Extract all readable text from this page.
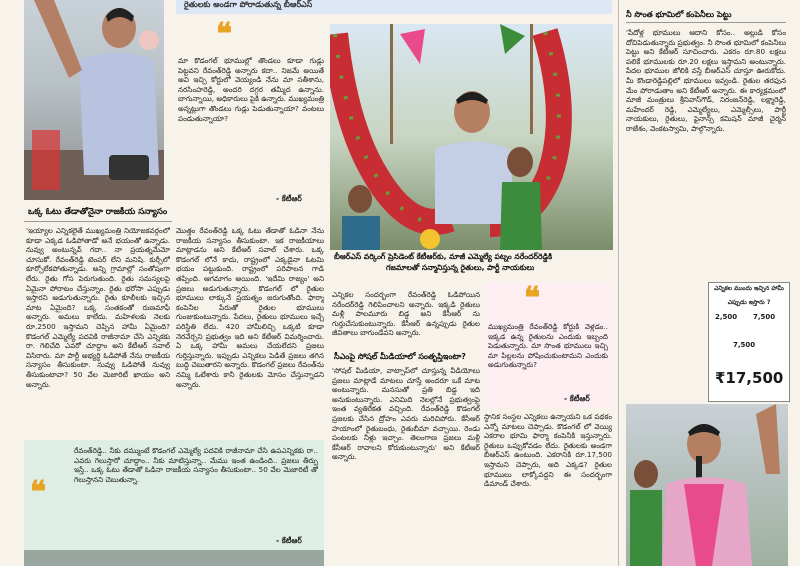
రైతులకు అండగా పోరాడుతున్న బీఆర్‌ఎస్
ఒక్క ఓటు తేడాతోనైనా రాజకీయ సన్యాసం
'ఇయ్యాల ఎన్నికలైతే ముఖ్యమంత్రి నియోజకవర్గంలో కూడా ఎక్కడ ఓడిపోతాడో అనే భయంతో ఉన్నాడు. నువ్వు అంటున్నవ్ గదా.. నా ప్రయత్నమేమో చూసుకో. రేవంత్‌రెడ్డి టెంపర్ లేని మనిషి. కుర్చీలో కూర్చోలేకపోతున్నాడు. అన్ని గ్రామాల్లో సంతోషంగా లేరు. రైతు గోస పెరుగుతుంది. రైతు సమస్యలపై ఏమైనా పోరాటం చేస్తున్నాం. రైతు భరోసా ఎప్పుడు ఇస్తారని అడుగుతున్నారు. రైతు కూలీలకు ఇచ్చిన మాట ఏమైంది? ఒక్క సంతకంతో రుణమాఫీ అన్నారు. అమలు కాలేదు. మహిళలకు నెలకు రూ.2500 ఇస్తామని చెప్పిన హామీ ఏమైంది? కొడంగల్ ఎమ్మెల్యే పదవికి రాజీనామా చేసి ఎన్నికకు రా. గెలిచేది ఎవరో చూద్దాం అని కేటీఆర్ సవాల్ విసిరారు. మా పార్టీ అభ్యర్థి ఓడిపోతే నేను రాజకీయ సన్యాసం తీసుకుంటా. నువ్వు ఓడిపోతే నువ్వు తీసుకుంటావా? 50 వేల మెజారిటీ ఖాయం అని అన్నారు.
❝
మా కొడంగల్ భూముల్లో తొండలు కూడా గుడ్లు పెట్టవని రేవంత్‌రెడ్డి అన్నారు కదా.. నిజమే అయితే అవి ఇచ్చి కోర్టులో వెయ్యండి నేను మా సతీశాను, నరసింహరెడ్డి, అందరి దగ్గర తమ్మీద ఉన్నాను. బాగున్నాయి, అధికారులు పైకి ఉన్నారు. ముఖ్యమంత్రి అన్నట్లుగా తొండలు గుడ్లు పెడుతున్నాయా? వంటలు పండుతున్నాయా?
- కేటీఆర్
మొత్తం రేవంత్‌రెడ్డి ఒక్క ఓటు తేడాతో ఓడినా నేను రాజకీయ సన్యాసం తీసుకుంటా. ఇక రాజకీయాలు మాట్లాడను అని కేటీఆర్ సవాల్ చేశారు. ఒక్క కొడంగల్ లోనే కాదు, రాష్ట్రంలో ఎక్కడైనా ఓటమి భయం పట్టుకుంది. రాష్ట్రంలో పరిపాలన గాడి తప్పింది. ఆగమాగం అయింది. 'ఇదేమి రాజ్యం' అని ప్రజలు అడుగుతున్నారు. కొడంగల్ లో రైతుల భూములు లాక్కునే ప్రయత్నం జరుగుతోంది. ఫార్మా కంపెనీల పేరుతో రైతుల భూములు గుంజుకుంటున్నారు. పేదలు, రైతులు భూములు ఇచ్చే పరిస్థితి లేదు. 420 హామీలిచ్చి ఒక్కటి కూడా నెరవేర్చని ప్రభుత్వం ఇది అని కేటీఆర్ విమర్శించారు. ఏ ఒక్క హామీ అమలు చేయలేదని ప్రజలు గుర్తిస్తున్నారు. ఇప్పుడు ఎన్నికలు పెడితే ప్రజలు తగిన బుద్ధి చెబుతారని అన్నారు. కొడంగల్ ప్రజలు రేవంత్‌ను నమ్మి ఓటేశారు కానీ రైతులకు మోసం చేస్తున్నాడని అన్నారు.
బీఆర్‌ఎస్ వర్కింగ్ ప్రెసిడెంట్ కేటీఆర్‌కు, మాజీ ఎమ్మెల్యే పట్నం నరేందర్‌రెడ్డికి
గజమాలతో సన్మానిస్తున్న రైతులు, పార్టీ నాయకులు
ఎన్నికల సందర్భంగా రేవంత్‌రెడ్డి ఓడిపోయిన నరేందర్‌రెడ్డి గెలిపించాలని అన్నారు. ఇక్కడి రైతులు మళ్లీ పాలమూరు బిడ్డ అని కేసీఆర్ ను గుర్తుచేసుకుంటున్నారు. కేసీఆర్ ఉన్నప్పుడు రైతుల జీవితాలు బాగుండేవని అన్నారు.
సీఎంపై సోషల్ మీడియాలో సంతృప్తిఇంటా?
'సోషల్ మీడియా, వాట్సాప్‌లో చూస్తున్న వీడియోలు ప్రజలు మాట్లాడే మాటలు చూస్తే అందరూ ఒకే మాట అంటున్నారు. మనసుతో ప్రతి బిడ్డ ఇది అనుకుంటున్నారు. ఎనిమిది నెలల్లోనే ప్రభుత్వంపై ఇంత వ్యతిరేకత వచ్చింది. రేవంత్‌రెడ్డి కొడంగల్ ప్రజలకు చేసిన ద్రోహం ఎవరు మరిచిపోరు. కేసీఆర్ హయాంలో రైతుబంధు, రైతుబీమా వచ్చాయి. రెండు పంటలకు నీళ్లు ఇచ్చాం. తెలంగాణ ప్రజలు మళ్లీ కేసీఆర్ రావాలని కోరుకుంటున్నారు' అని కేటీఆర్ అన్నారు.
❝
ముఖ్యమంత్రి రేవంత్‌రెడ్డి కోర్టుకి వెళ్లడం.. ఇక్కడ ఉన్న రైతులను ఎందుకు ఇబ్బంది పెడుతున్నారు. మా సొంత భూములు ఇచ్చి మా పిల్లలను పోషించుకుంటామని ఎందుకు అడుగుతున్నారు?
- కేటీఆర్
స్థానిక సంస్థల ఎన్నికలు ఉన్నాయని ఒక పథకం ఎన్నో మాటలు చెప్పాడు. కొడంగల్ లో వెయ్యి ఎకరాల భూమి ఫార్మా కంపెనీకి ఇస్తున్నారు. రైతులు ఒప్పుకోవడం లేదు. రైతులకు అండగా బీఆర్‌ఎస్ ఉంటుంది. ఎకరానికి రూ.17,500 ఇస్తామని చెప్పారు, అది ఎక్కడ? రైతుల భూములు లాక్కోవద్దని ఈ సందర్భంగా డిమాండ్ చేశారు.
❝
రేవంత్‌రెడ్డి.. నీకు దమ్ముంటే కొడంగల్ ఎమ్మెల్యే పదవికి రాజీనామా చేసి ఉపఎన్నికకు రా.. ఎవరు గెలుస్తారో చూద్దాం.. నీకు మాటిస్తున్నా.. మేము ఇంత ఉండింది.. ప్రజలు తీర్పు ఇస్తే.. ఒక్క ఓటు తేడాతో ఓడినా రాజకీయ సన్యాసం తీసుకుంటా.. 50 వేల మెజారిటీ తో గెలుస్తానని చెబుతున్నా.
- కేటీఆర్
నీ సొంత భూమిలో కంపెనీలు పెట్టు
'పేదోళ్ల భూములు ఆదాని కోసం.. అల్లుడి కోసం దోచిపెడుతున్నారు ప్రభుత్వం. నీ సొంత భూమిలో కంపెనీలు పెట్టు అని కేటీఆర్ సూచించారు. ఎకరం రూ.80 లక్షలు పలికే భూములకు రూ.20 లక్షలు ఇస్తామని అంటున్నారు. పేదల భూముల జోలికి వస్తే బీఆర్‌ఎస్ చూస్తూ ఊరుకోదు. మీ కొండారెడ్డిపల్లిలో భూములు ఇవ్వండి. రైతుల తరఫున మేం పోరాడుతాం అని కేటీఆర్ అన్నారు. ఈ కార్యక్రమంలో మాజీ మంత్రులు శ్రీనివాస్‌గౌడ్, నిరంజన్‌రెడ్డి, లక్ష్మారెడ్డి, మహేందర్ రెడ్డి, ఎమ్మెల్యేలు, ఎమ్మెల్సీలు, పార్టీ నాయకులు, రైతులు, ఫైనాన్స్ కమిషన్ మాజీ చైర్మన్ రాజేశం, వెంకటస్వామి, పాల్గొన్నారు.
ఎన్నికల ముందు ఇచ్చిన హామీ
ఎప్పుడు ఇస్తారు ?
2,500 7,500
7,500
₹17,500
